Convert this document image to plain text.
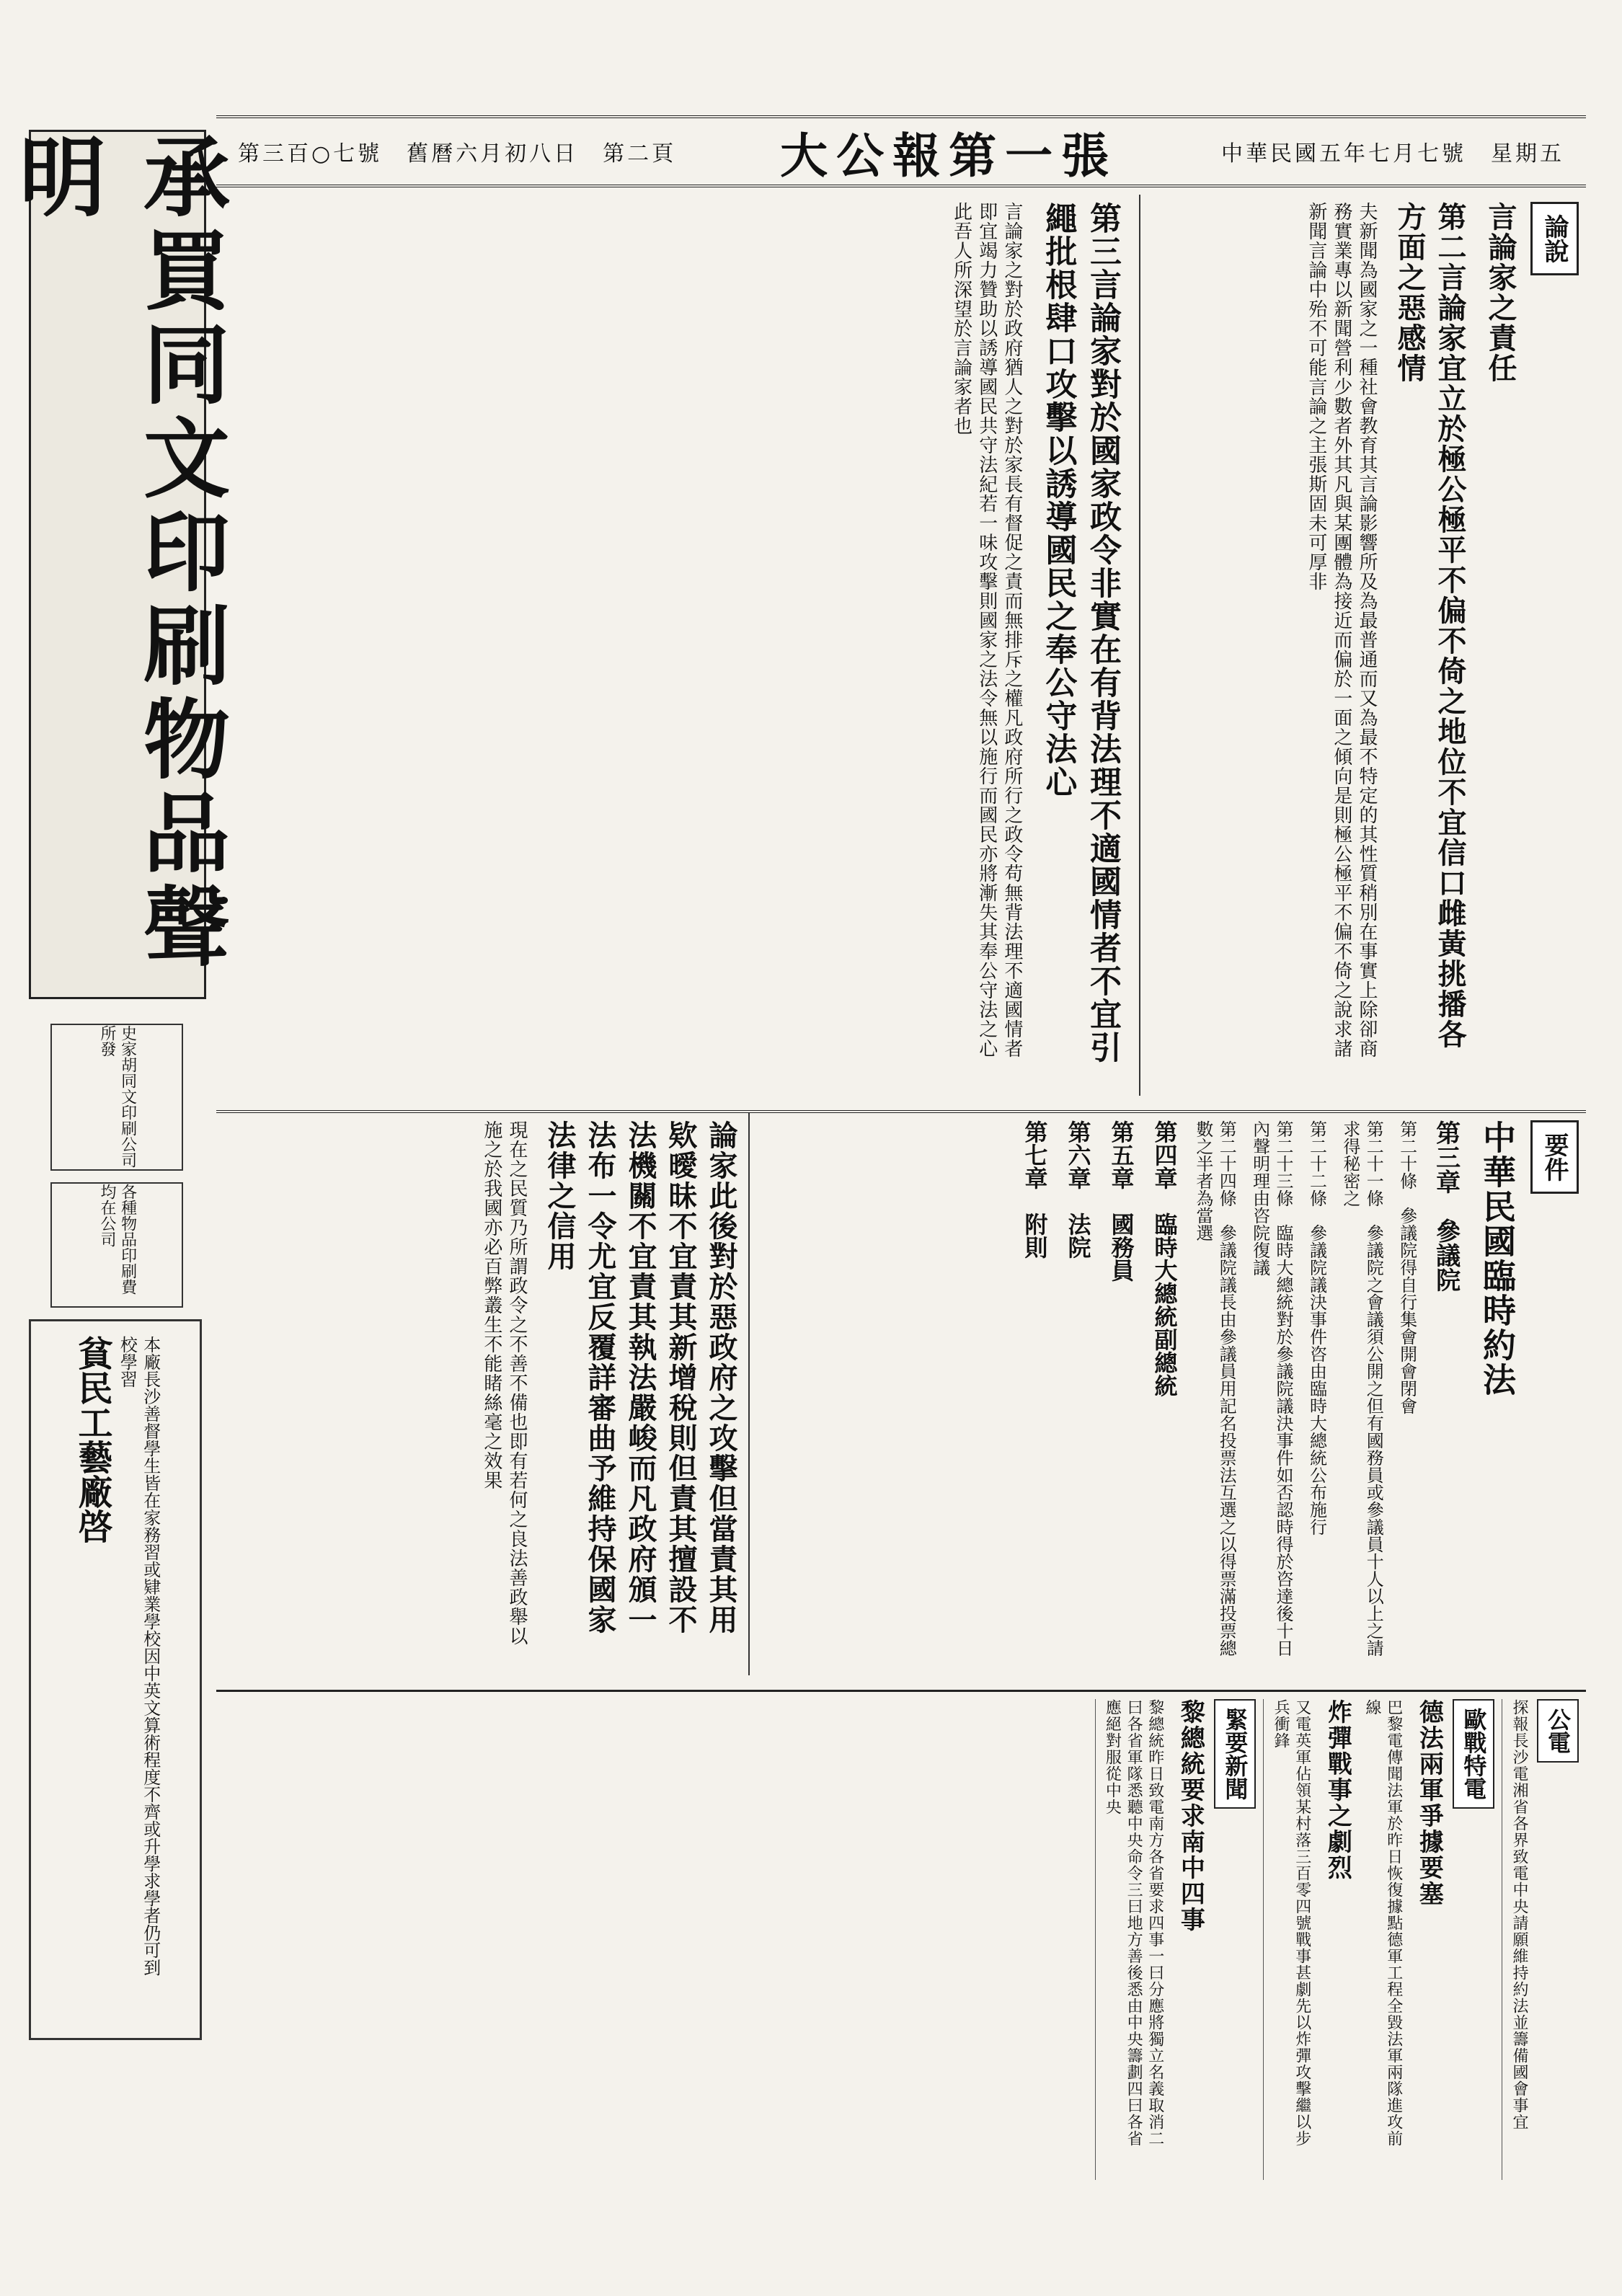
第三百○七號　舊曆六月初八日　第二頁 大公報第一張	中華民國五年七月七號　星期五
承買同文印刷物品聲明
史家胡同文印刷公司所發
各種物品印刷費均在公司
貧民工藝廠啓	本廠長沙善督學生皆在家務習或肄業學校因中英文算術程度不齊或升學求學者仍可到校學習
論說
言論家之責任
第二言論家宜立於極公極平不偏不倚之地位不宜信口雌黃挑播各方面之惡感情
夫新聞為國家之一種社會教育其言論影響所及為最普通而又為最不特定的其性質稍別在事實上除卻商務實業專以新聞營利少數者外其凡與某團體為接近而偏於一面之傾向是則極公極平不偏不倚之說求諸新聞言論中殆不可能言論之主張斯固未可厚非
第三言論家對於國家政令非實在有背法理不適國情者不宜引繩批根肆口攻擊以誘導國民之奉公守法心
言論家之對於政府猶人之對於家長有督促之責而無排斥之權凡政府所行之政令苟無背法理不適國情者即宜竭力贊助以誘導國民共守法紀若一味攻擊則國家之法令無以施行而國民亦將漸失其奉公守法之心此吾人所深望於言論家者也
要件
中華民國臨時約法
第三章　參議院
第二十條　參議院得自行集會開會閉會
第二十一條　參議院之會議須公開之但有國務員或參議員十人以上之請求得秘密之
第二十二條　參議院議決事件咨由臨時大總統公布施行
第二十三條　臨時大總統對於參議院議決事件如否認時得於咨達後十日內聲明理由咨院復議
第二十四條　參議院議長由參議員用記名投票法互選之以得票滿投票總數之半者為當選
第四章　臨時大總統副總統
第五章　國務員
第六章　法院
第七章　附則
論家此後對於惡政府之攻擊但當責其用欵曖昧不宜責其新增稅則但責其擅設不法機關不宜責其執法嚴峻而凡政府頒一法布一令尤宜反覆詳審曲予維持保國家法律之信用
現在之民質乃所謂政令之不善不備也即有若何之良法善政舉以施之於我國亦必百弊叢生不能睹絲毫之效果
公電
探報長沙電湘省各界致電中央請願維持約法並籌備國會事宜
歐戰特電
德法兩軍爭據要塞
巴黎電傳聞法軍於昨日恢復據點德軍工程全毀法軍兩隊進攻前線
炸彈戰事之劇烈
又電英軍佔領某村落三百零四號戰事甚劇先以炸彈攻擊繼以步兵衝鋒
緊要新聞
黎總統要求南中四事
黎總統昨日致電南方各省要求四事一曰分應將獨立名義取消二曰各省軍隊悉聽中央命令三曰地方善後悉由中央籌劃四曰各省應絕對服從中央
